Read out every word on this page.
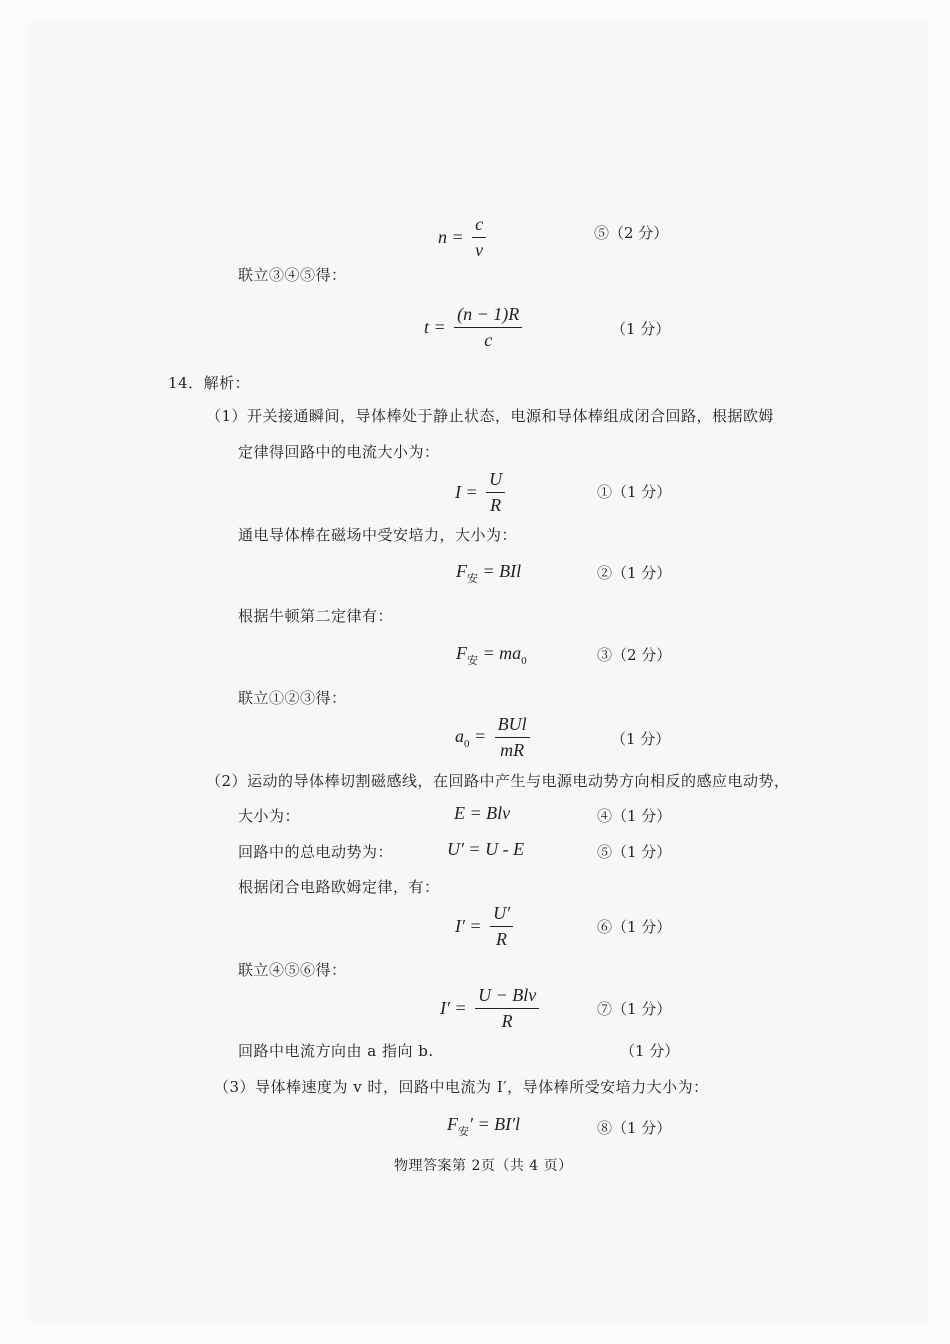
$n = \frac{c}{v}$	⑤（2 分）
联立③④⑤得：
$t = \frac{(n - 1)R}{c}$	（1 分）
14．解析：
（1）开关接通瞬间，导体棒处于静止状态，电源和导体棒组成闭合回路，根据欧姆
定律得回路中的电流大小为：
$I = \frac{U}{R}$	①（1 分）
通电导体棒在磁场中受安培力，大小为：
$F_安$ = BIl	②（1 分）
根据牛顿第二定律有：
$F_安 = ma_0$	③（2 分）
联立①②③得：
$a_0 = \frac{\text{BUl}}{mR}$	（1 分）
（2）运动的导体棒切割磁感线，在回路中产生与电源电动势方向相反的感应电动势，
大小为：	E = Blv	④（1 分）
回路中的总电动势为：	U′ = U - E	⑤（1 分）
根据闭合电路欧姆定律，有：
$I' = \frac{U'}{R}$	⑥（1 分）
联立④⑤⑥得：
$I' = \frac{\text{U − Blv}}{R}$	⑦（1 分）
回路中电流方向由 a 指向 b.	（1 分）
（3）导体棒速度为 v 时，回路中电流为 I′，导体棒所受安培力大小为：
$F_安' = BI'l$	⑧（1 分）
物理答案第 2页（共 4 页）
